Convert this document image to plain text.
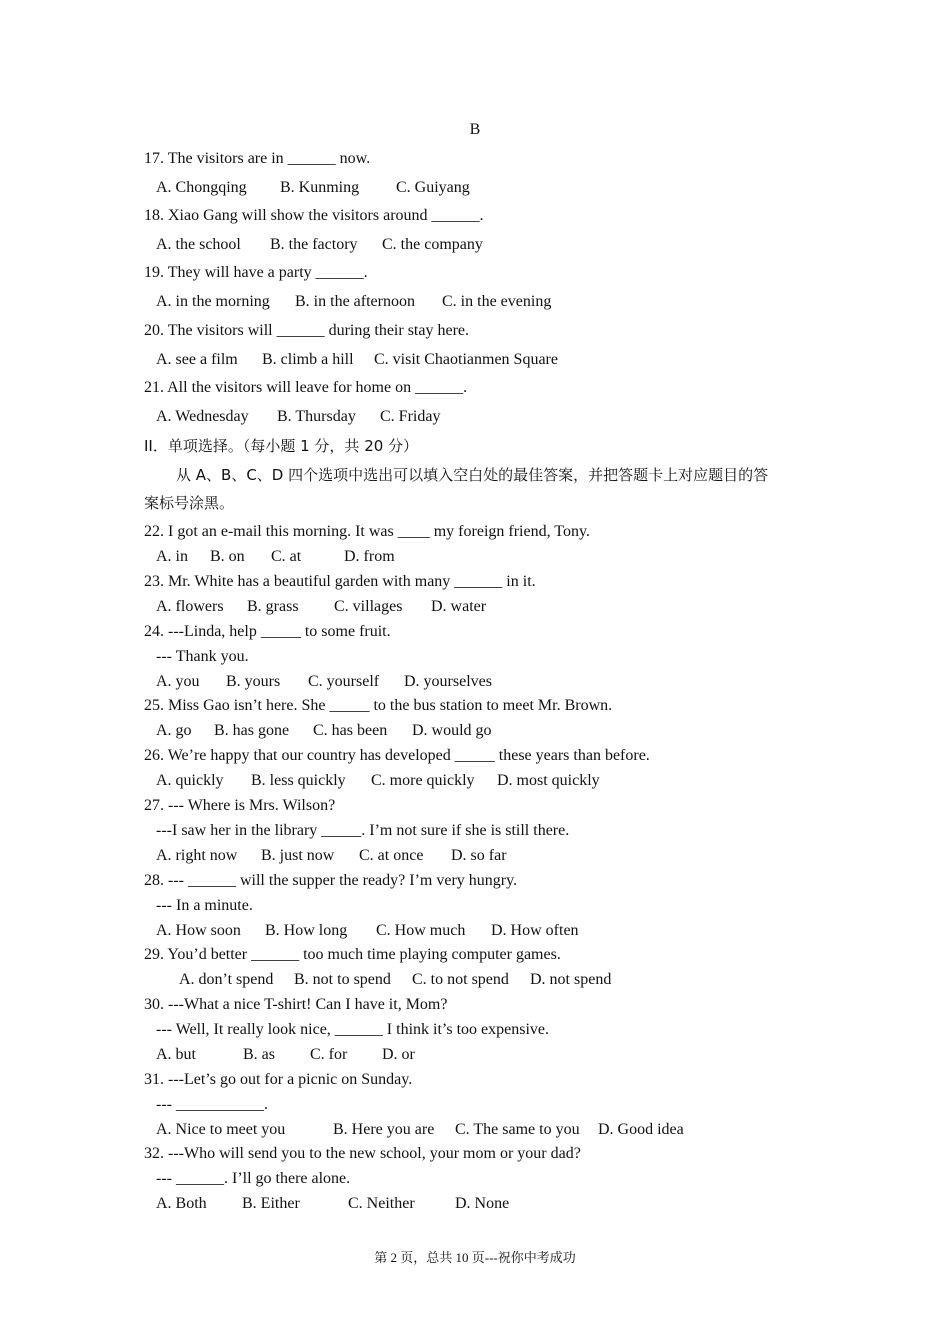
B
17. The visitors are in ______ now.
A. Chongqing B. Kunming C. Guiyang
18. Xiao Gang will show the visitors around ______.
A. the school B. the factory C. the company
19. They will have a party ______.
A. in the morning B. in the afternoon C. in the evening
20. The visitors will ______ during their stay here.
A. see a film B. climb a hill C. visit Chaotianmen Square
21. All the visitors will leave for home on ______.
A. Wednesday B. Thursday C. Friday
II．单项选择。（每小题 1 分，共 20 分）
从 A、B、C、D 四个选项中选出可以填入空白处的最佳答案，并把答题卡上对应题目的答
案标号涂黑。
22. I got an e-mail this morning. It was ____ my foreign friend, Tony.
A. in B. on C. at	D. from
23. Mr. White has a beautiful garden with many ______ in it.
A. flowers B. grass C. villages D. water
24. ---Linda, help _____ to some fruit.
--- Thank you.
A. you B. yours C. yourself D. yourselves
25. Miss Gao isn’t here. She _____ to the bus station to meet Mr. Brown.
A. go B. has gone C. has been D. would go
26. We’re happy that our country has developed _____ these years than before.
A. quickly B. less quickly C. more quickly D. most quickly
27. --- Where is Mrs. Wilson?
---I saw her in the library _____. I’m not sure if she is still there.
A. right now B. just now C. at once D. so far
28. --- ______ will the supper the ready? I’m very hungry.
--- In a minute.
A. How soon B. How long C. How much D. How often
29. You’d better ______ too much time playing computer games.
A. don’t spend B. not to spend C. to not spend D. not spend
30. ---What a nice T-shirt! Can I have it, Mom?
--- Well, It really look nice, ______ I think it’s too expensive.
A. but	B. as C. for D. or
31. ---Let’s go out for a picnic on Sunday.
--- ___________.
A. Nice to meet you	B. Here you are C. The same to you D. Good idea
32. ---Who will send you to the new school, your mom or your dad?
--- ______. I’ll go there alone.
A. Both B. Either	C. Neither	D. None
第 2 页，总共 10 页---祝你中考成功
